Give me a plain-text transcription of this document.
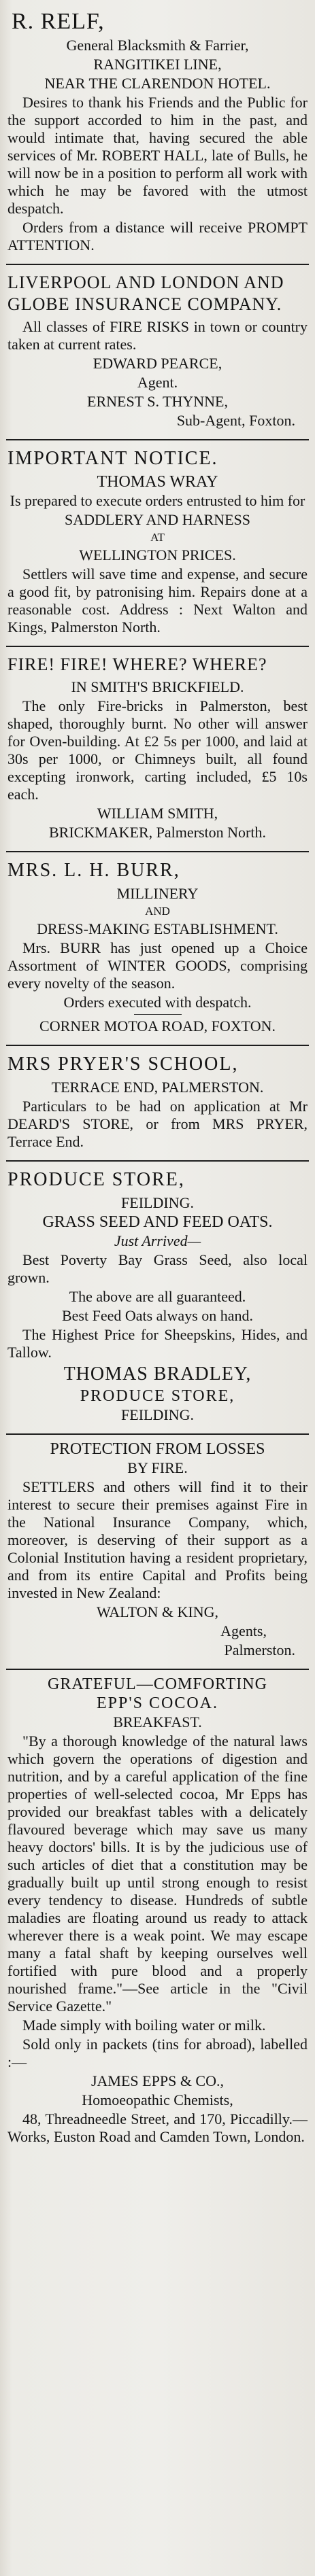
R. RELF,
General Blacksmith & Farrier,
RANGITIKEI LINE,
NEAR THE CLARENDON HOTEL.
Desires to thank his Friends and the Public for the support accorded to him in the past, and would intimate that, having secured the able services of Mr. ROBERT HALL, late of Bulls, he will now be in a position to perform all work with which he may be favored with the utmost despatch.
Orders from a distance will receive PROMPT ATTENTION.
LIVERPOOL AND LONDON AND GLOBE INSURANCE COMPANY.
All classes of FIRE RISKS in town or country taken at current rates.
EDWARD PEARCE,
Agent.
ERNEST S. THYNNE,
Sub-Agent, Foxton.
IMPORTANT NOTICE.
THOMAS WRAY
Is prepared to execute orders entrusted to him for
SADDLERY AND HARNESS
AT
WELLINGTON PRICES.
Settlers will save time and expense, and secure a good fit, by patronising him. Repairs done at a reasonable cost. Address : Next Walton and Kings, Palmerston North.
FIRE! FIRE! WHERE? WHERE?
IN SMITH'S BRICKFIELD.
The only Fire-bricks in Palmerston, best shaped, thoroughly burnt. No other will answer for Oven-building. At £2 5s per 1000, and laid at 30s per 1000, or Chimneys built, all found excepting ironwork, carting included, £5 10s each.
WILLIAM SMITH,
BRICKMAKER, Palmerston North.
MRS. L. H. BURR,
MILLINERY
AND
DRESS-MAKING ESTABLISHMENT.
Mrs. BURR has just opened up a Choice Assortment of WINTER GOODS, comprising every novelty of the season.
Orders executed with despatch.
CORNER MOTOA ROAD, FOXTON.
MRS PRYER'S SCHOOL,
TERRACE END, PALMERSTON.
Particulars to be had on application at Mr DEARD'S STORE, or from MRS PRYER, Terrace End.
PRODUCE STORE,
FEILDING.
GRASS SEED AND FEED OATS.
Just Arrived—
Best Poverty Bay Grass Seed, also local grown.
The above are all guaranteed.
Best Feed Oats always on hand.
The Highest Price for Sheepskins, Hides, and Tallow.
THOMAS BRADLEY,
PRODUCE STORE,
FEILDING.
PROTECTION FROM LOSSES
BY FIRE.
SETTLERS and others will find it to their interest to secure their premises against Fire in the National Insurance Company, which, moreover, is deserving of their support as a Colonial Institution having a resident proprietary, and from its entire Capital and Profits being invested in New Zealand:
WALTON & KING,
Agents,
Palmerston.
GRATEFUL—COMFORTING
EPP'S COCOA.
BREAKFAST.
"By a thorough knowledge of the natural laws which govern the operations of digestion and nutrition, and by a careful application of the fine properties of well-selected cocoa, Mr Epps has provided our breakfast tables with a delicately flavoured beverage which may save us many heavy doctors' bills. It is by the judicious use of such articles of diet that a constitution may be gradually built up until strong enough to resist every tendency to disease. Hundreds of subtle maladies are floating around us ready to attack wherever there is a weak point. We may escape many a fatal shaft by keeping ourselves well fortified with pure blood and a properly nourished frame."—See article in the "Civil Service Gazette."
Made simply with boiling water or milk.
Sold only in packets (tins for abroad), labelled :—
JAMES EPPS & CO.,
Homoeopathic Chemists,
48, Threadneedle Street, and 170, Piccadilly.—Works, Euston Road and Camden Town, London.
